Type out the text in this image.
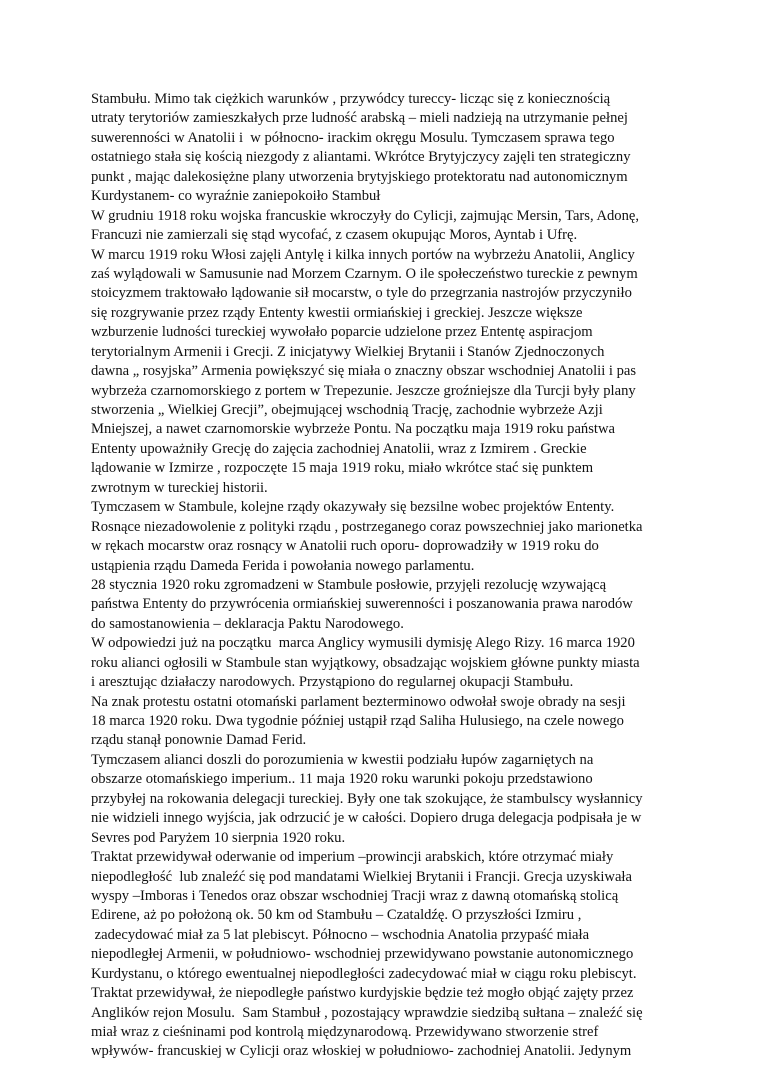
Stambułu. Mimo tak ciężkich warunków , przywódcy tureccy- licząc się z koniecznością
utraty terytoriów zamieszkałych prze ludność arabską – mieli nadzieją na utrzymanie pełnej
suwerenności w Anatolii i  w północno- irackim okręgu Mosulu. Tymczasem sprawa tego
ostatniego stała się kością niezgody z aliantami. Wkrótce Brytyjczycy zajęli ten strategiczny
punkt , mając dalekosiężne plany utworzenia brytyjskiego protektoratu nad autonomicznym
Kurdystanem- co wyraźnie zaniepokoiło Stambuł
W grudniu 1918 roku wojska francuskie wkroczyły do Cylicji, zajmując Mersin, Tars, Adonę,
Francuzi nie zamierzali się stąd wycofać, z czasem okupując Moros, Ayntab i Ufrę.
W marcu 1919 roku Włosi zajęli Antylę i kilka innych portów na wybrzeżu Anatolii, Anglicy
zaś wylądowali w Samusunie nad Morzem Czarnym. O ile społeczeństwo tureckie z pewnym
stoicyzmem traktowało lądowanie sił mocarstw, o tyle do przegrzania nastrojów przyczyniło
się rozgrywanie przez rządy Ententy kwestii ormiańskiej i greckiej. Jeszcze większe
wzburzenie ludności tureckiej wywołało poparcie udzielone przez Ententę aspiracjom
terytorialnym Armenii i Grecji. Z inicjatywy Wielkiej Brytanii i Stanów Zjednoczonych
dawna „ rosyjska” Armenia powiększyć się miała o znaczny obszar wschodniej Anatolii i pas
wybrzeża czarnomorskiego z portem w Trepezunie. Jeszcze groźniejsze dla Turcji były plany
stworzenia „ Wielkiej Grecji”, obejmującej wschodnią Trację, zachodnie wybrzeże Azji
Mniejszej, a nawet czarnomorskie wybrzeże Pontu. Na początku maja 1919 roku państwa
Ententy upoważniły Grecję do zajęcia zachodniej Anatolii, wraz z Izmirem . Greckie
lądowanie w Izmirze , rozpoczęte 15 maja 1919 roku, miało wkrótce stać się punktem
zwrotnym w tureckiej historii.
Tymczasem w Stambule, kolejne rządy okazywały się bezsilne wobec projektów Ententy.
Rosnące niezadowolenie z polityki rządu , postrzeganego coraz powszechniej jako marionetka
w rękach mocarstw oraz rosnący w Anatolii ruch oporu- doprowadziły w 1919 roku do
ustąpienia rządu Dameda Ferida i powołania nowego parlamentu.
28 stycznia 1920 roku zgromadzeni w Stambule posłowie, przyjęli rezolucję wzywającą
państwa Ententy do przywrócenia ormiańskiej suwerenności i poszanowania prawa narodów
do samostanowienia – deklaracja Paktu Narodowego.
W odpowiedzi już na początku  marca Anglicy wymusili dymisję Alego Rizy. 16 marca 1920
roku alianci ogłosili w Stambule stan wyjątkowy, obsadzając wojskiem główne punkty miasta
i aresztując działaczy narodowych. Przystąpiono do regularnej okupacji Stambułu.
Na znak protestu ostatni otomański parlament bezterminowo odwołał swoje obrady na sesji
18 marca 1920 roku. Dwa tygodnie później ustąpił rząd Saliha Hulusiego, na czele nowego
rządu stanął ponownie Damad Ferid.
Tymczasem alianci doszli do porozumienia w kwestii podziału łupów zagarniętych na
obszarze otomańskiego imperium.. 11 maja 1920 roku warunki pokoju przedstawiono
przybyłej na rokowania delegacji tureckiej. Były one tak szokujące, że stambulscy wysłannicy
nie widzieli innego wyjścia, jak odrzucić je w całości. Dopiero druga delegacja podpisała je w
Sevres pod Paryżem 10 sierpnia 1920 roku.
Traktat przewidywał oderwanie od imperium –prowincji arabskich, które otrzymać miały
niepodległość  lub znaleźć się pod mandatami Wielkiej Brytanii i Francji. Grecja uzyskiwała
wyspy –Imboras i Tenedos oraz obszar wschodniej Tracji wraz z dawną otomańską stolicą
Edirene, aż po położoną ok. 50 km od Stambułu – Czataldźę. O przyszłości Izmiru ,
zadecydować miał za 5 lat plebiscyt. Północno – wschodnia Anatolia przypaść miała
niepodległej Armenii, w południowo- wschodniej przewidywano powstanie autonomicznego
Kurdystanu, o którego ewentualnej niepodległości zadecydować miał w ciągu roku plebiscyt.
Traktat przewidywał, że niepodległe państwo kurdyjskie będzie też mogło objąć zajęty przez
Anglików rejon Mosulu.  Sam Stambuł , pozostający wprawdzie siedzibą sułtana – znaleźć się
miał wraz z cieśninami pod kontrolą międzynarodową. Przewidywano stworzenie stref
wpływów- francuskiej w Cylicji oraz włoskiej w południowo- zachodniej Anatolii. Jedynym
